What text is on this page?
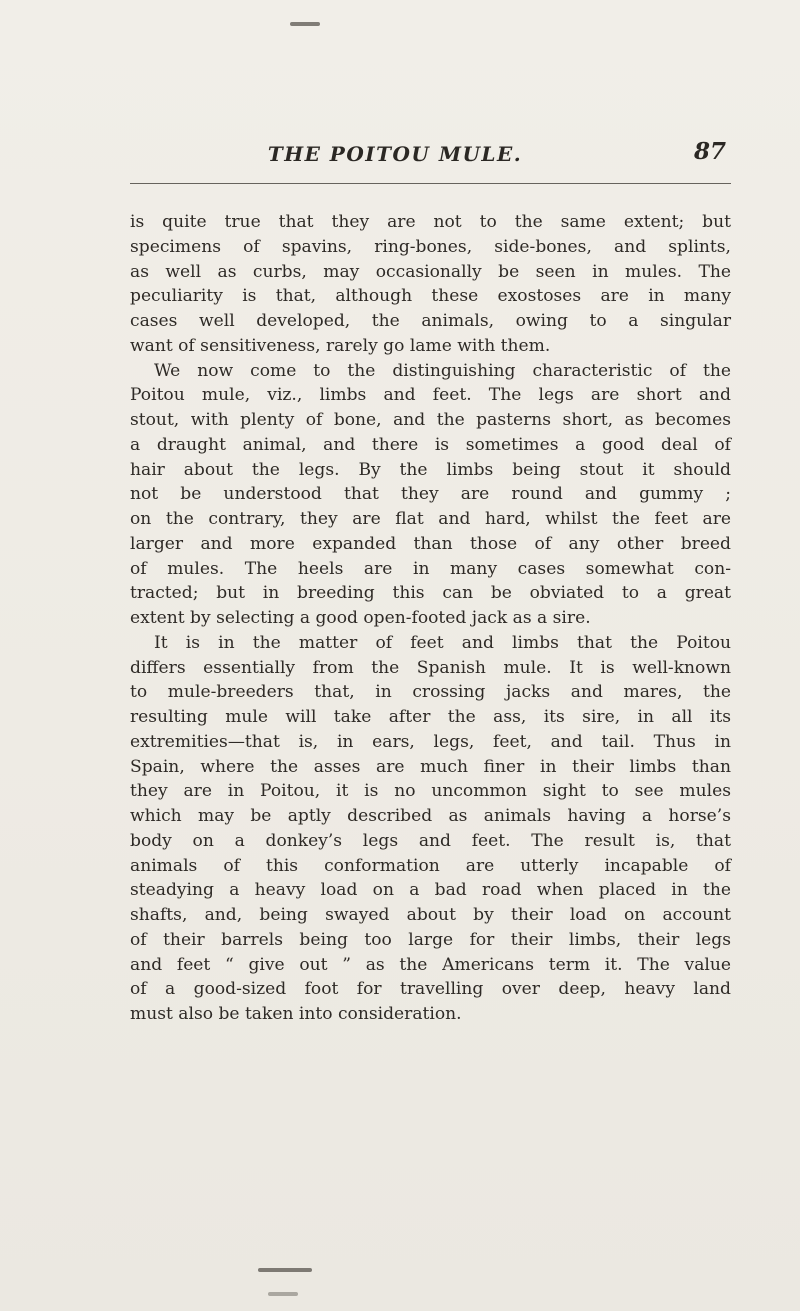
THE POITOU MULE.	87
is quite true that they are not to the same extent; but
specimens of spavins, ring-bones, side-bones, and splints,
as well as curbs, may occasionally be seen in mules. The
peculiarity is that, although these exostoses are in many
cases well developed, the animals, owing to a singular
want of sensitiveness, rarely go lame with them.
We now come to the distinguishing characteristic of the
Poitou mule, viz., limbs and feet. The legs are short and
stout, with plenty of bone, and the pasterns short, as becomes
a draught animal, and there is sometimes a good deal of
hair about the legs. By the limbs being stout it should
not be understood that they are round and gummy ;
on the contrary, they are flat and hard, whilst the feet are
larger and more expanded than those of any other breed
of mules. The heels are in many cases somewhat con-
tracted; but in breeding this can be obviated to a great
extent by selecting a good open-footed jack as a sire.
It is in the matter of feet and limbs that the Poitou
differs essentially from the Spanish mule. It is well-known
to mule-breeders that, in crossing jacks and mares, the
resulting mule will take after the ass, its sire, in all its
extremities—that is, in ears, legs, feet, and tail. Thus in
Spain, where the asses are much finer in their limbs than
they are in Poitou, it is no uncommon sight to see mules
which may be aptly described as animals having a horse’s
body on a donkey’s legs and feet. The result is, that
animals of this conformation are utterly incapable of
steadying a heavy load on a bad road when placed in the
shafts, and, being swayed about by their load on account
of their barrels being too large for their limbs, their legs
and feet “ give out ” as the Americans term it. The value
of a good-sized foot for travelling over deep, heavy land
must also be taken into consideration.
